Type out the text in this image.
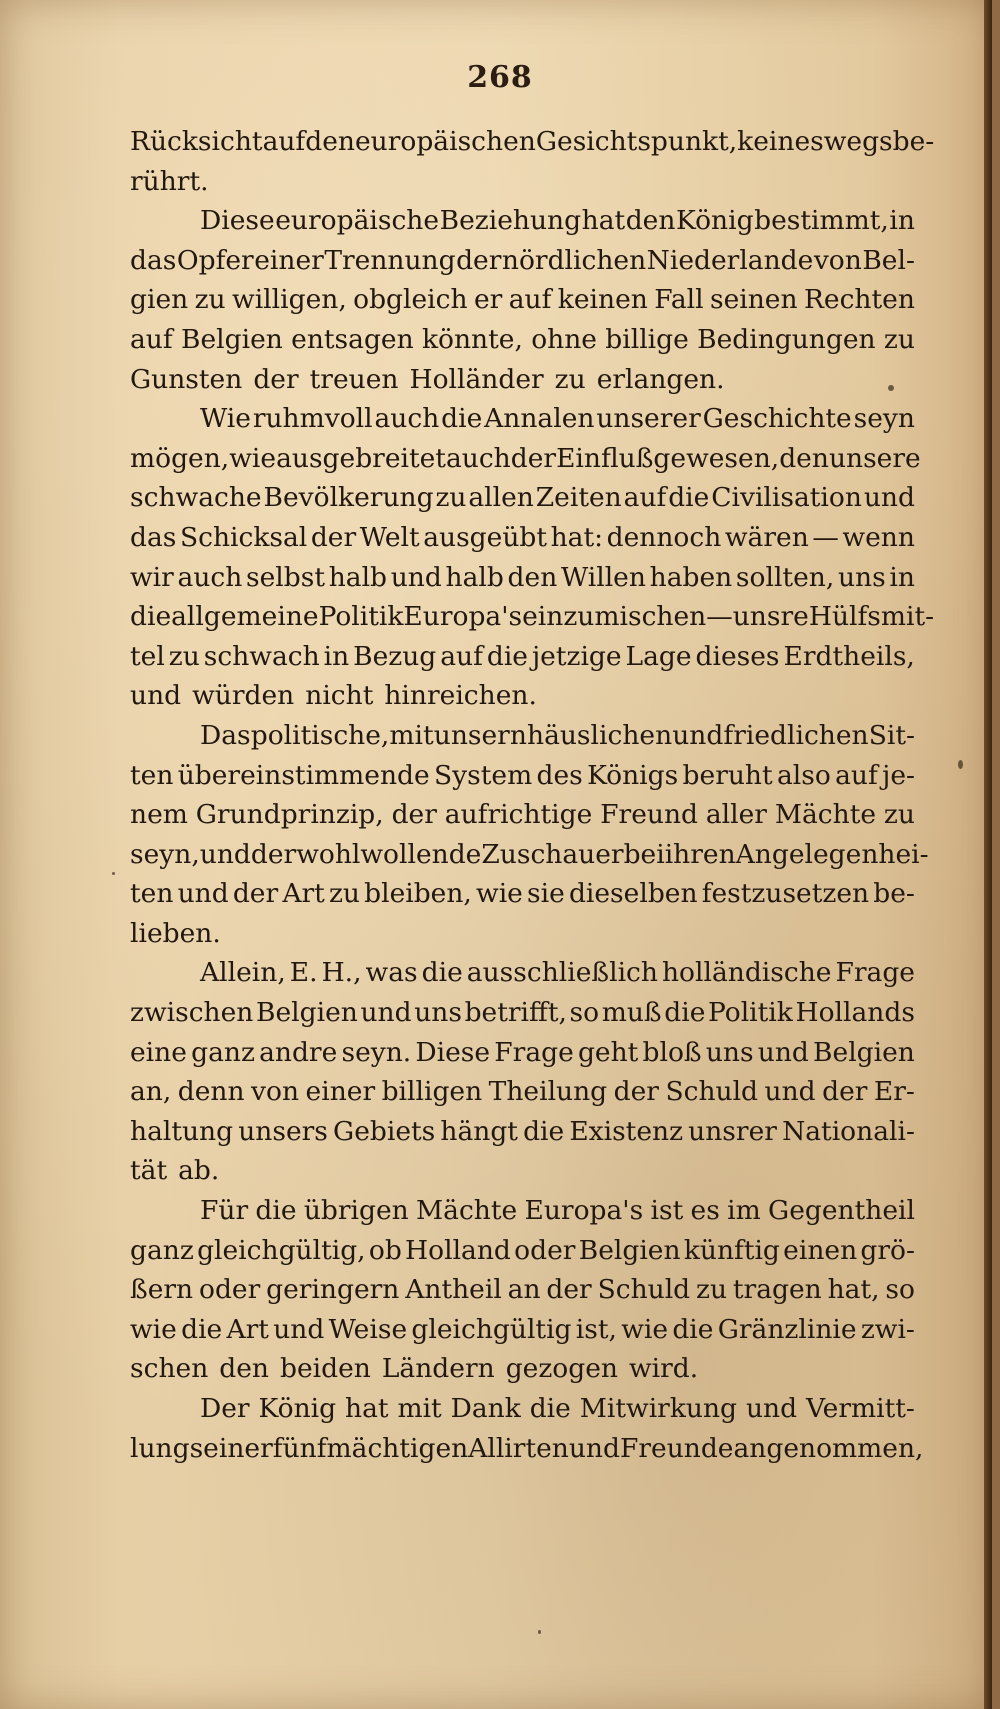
268
Rücksicht auf den europäischen Gesichtspunkt, keineswegs be-
rührt.
Diese europäische Beziehung hat den König bestimmt, in
das Opfer einer Trennung der nördlichen Niederlande von Bel-
gien zu willigen, obgleich er auf keinen Fall seinen Rechten
auf Belgien entsagen könnte, ohne billige Bedingungen zu
Gunsten der treuen Holländer zu erlangen.
Wie ruhmvoll auch die Annalen unserer Geschichte seyn
mögen, wie ausgebreitet auch der Einfluß gewesen, den unsere
schwache Bevölkerung zu allen Zeiten auf die Civilisation und
das Schicksal der Welt ausgeübt hat: dennoch wären — wenn
wir auch selbst halb und halb den Willen haben sollten, uns in
die allgemeine Politik Europa's einzumischen — unsre Hülfsmit-
tel zu schwach in Bezug auf die jetzige Lage dieses Erdtheils,
und würden nicht hinreichen.
Das politische, mit unsern häuslichen und friedlichen Sit-
ten übereinstimmende System des Königs beruht also auf je-
nem Grundprinzip, der aufrichtige Freund aller Mächte zu
seyn, und der wohlwollende Zuschauer bei ihren Angelegenhei-
ten und der Art zu bleiben, wie sie dieselben festzusetzen be-
lieben.
Allein, E. H., was die ausschließlich holländische Frage
zwischen Belgien und uns betrifft, so muß die Politik Hollands
eine ganz andre seyn. Diese Frage geht bloß uns und Belgien
an, denn von einer billigen Theilung der Schuld und der Er-
haltung unsers Gebiets hängt die Existenz unsrer Nationali-
tät ab.
Für die übrigen Mächte Europa's ist es im Gegentheil
ganz gleichgültig, ob Holland oder Belgien künftig einen grö-
ßern oder geringern Antheil an der Schuld zu tragen hat, so
wie die Art und Weise gleichgültig ist, wie die Gränzlinie zwi-
schen den beiden Ländern gezogen wird.
Der König hat mit Dank die Mitwirkung und Vermitt-
lung seiner fünf mächtigen Allirten und Freunde angenommen,
